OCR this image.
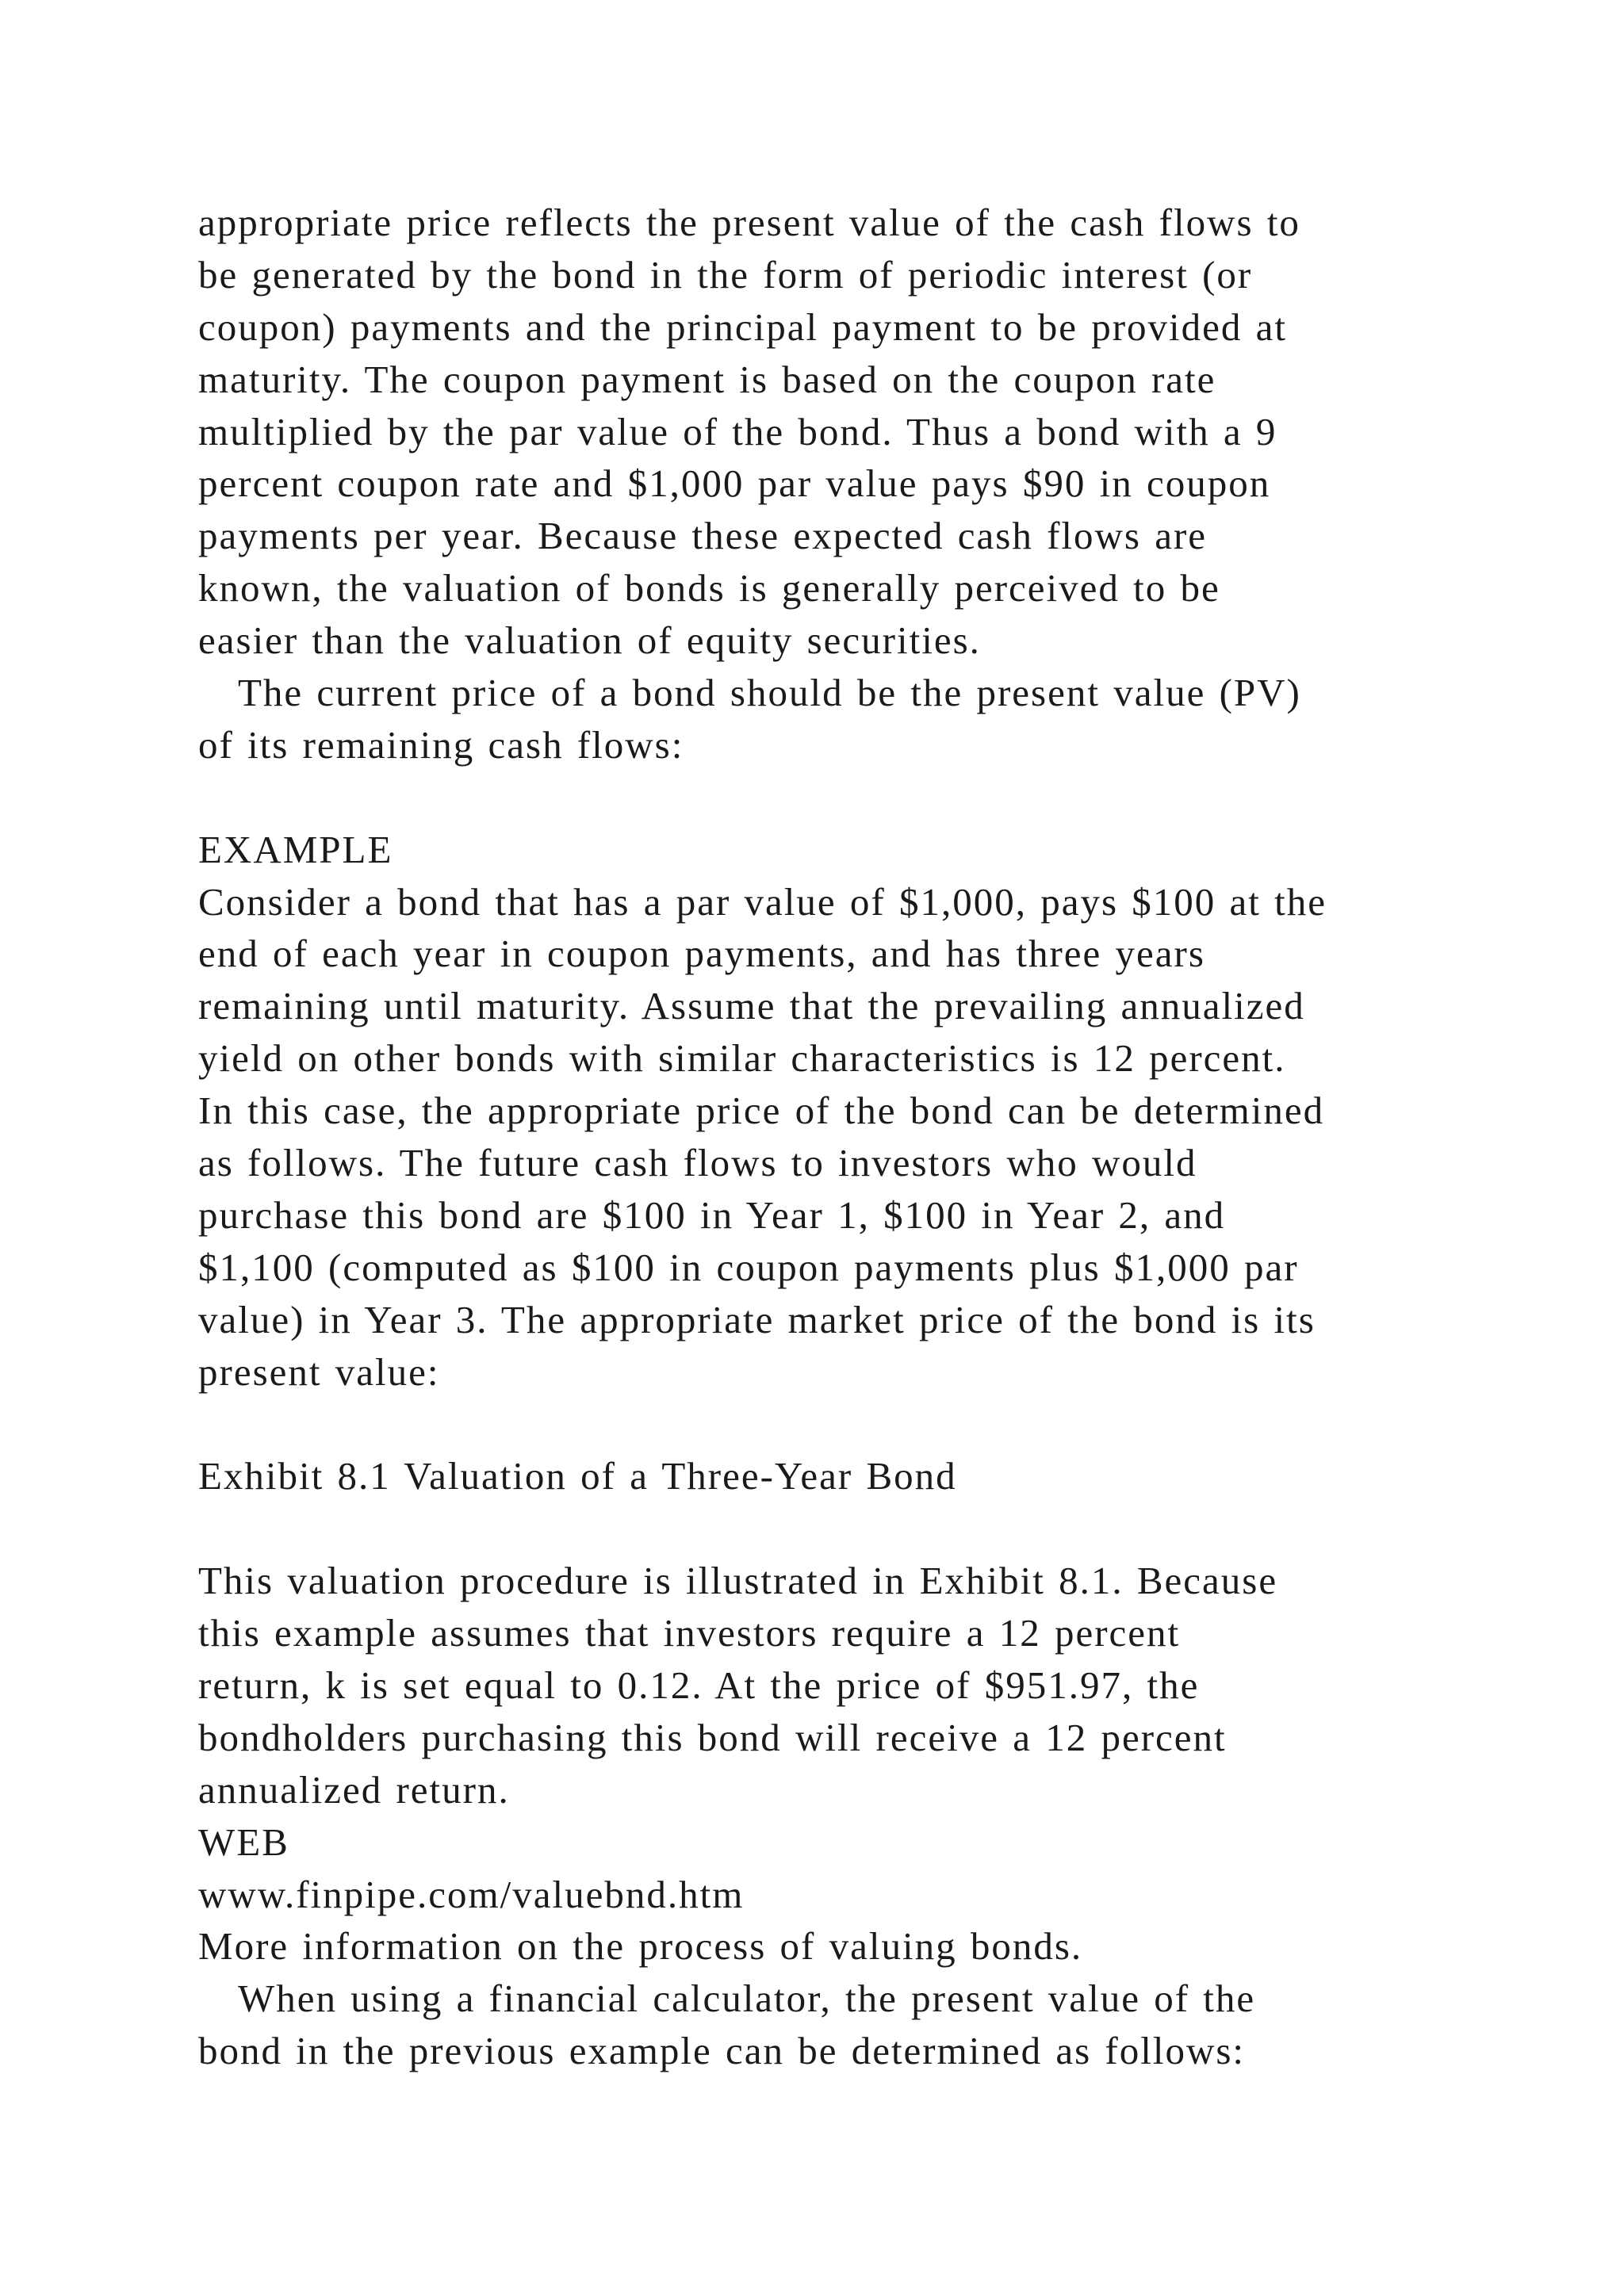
appropriate price reflects the present value of the cash flows to
be generated by the bond in the form of periodic interest (or
coupon) payments and the principal payment to be provided at
maturity. The coupon payment is based on the coupon rate
multiplied by the par value of the bond. Thus a bond with a 9
percent coupon rate and $1,000 par value pays $90 in coupon
payments per year. Because these expected cash flows are
known, the valuation of bonds is generally perceived to be
easier than the valuation of equity securities.
The current price of a bond should be the present value (PV)
of its remaining cash flows:
EXAMPLE
Consider a bond that has a par value of $1,000, pays $100 at the
end of each year in coupon payments, and has three years
remaining until maturity. Assume that the prevailing annualized
yield on other bonds with similar characteristics is 12 percent.
In this case, the appropriate price of the bond can be determined
as follows. The future cash flows to investors who would
purchase this bond are $100 in Year 1, $100 in Year 2, and
$1,100 (computed as $100 in coupon payments plus $1,000 par
value) in Year 3. The appropriate market price of the bond is its
present value:
Exhibit 8.1 Valuation of a Three-Year Bond
This valuation procedure is illustrated in Exhibit 8.1. Because
this example assumes that investors require a 12 percent
return, k is set equal to 0.12. At the price of $951.97, the
bondholders purchasing this bond will receive a 12 percent
annualized return.
WEB
www.finpipe.com/valuebnd.htm
More information on the process of valuing bonds.
When using a financial calculator, the present value of the
bond in the previous example can be determined as follows:
